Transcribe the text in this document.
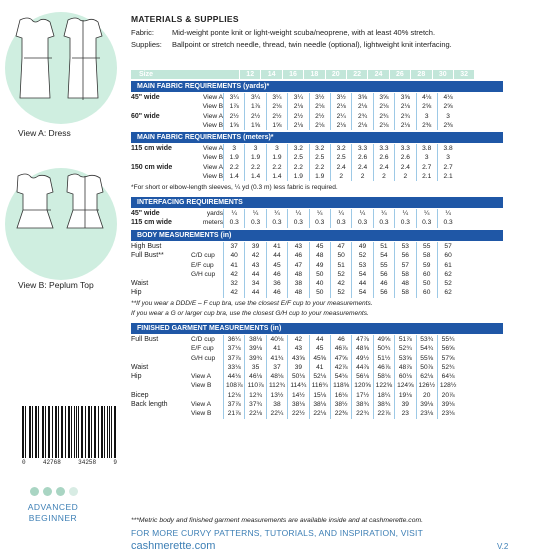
View A: Dress
View B: Peplum Top
0	42768	34258	9
ADVANCED
BEGINNER
MATERIALS & SUPPLIES
Fabric: Mid-weight ponte knit or light-weight scuba/neoprene, with at least 40% stretch.
Supplies: Ballpoint or stretch needle, thread, twin needle (optional), lightweight knit interfacing.
Size	12	14	16	18	20	22	24	26	28	30	32
MAIN FABRIC REQUIREMENTS (yards)*
45" wide	View A	3¼	3¼	3¼	3¼	3½	3½	3⅝	3⅝	3⅝	4⅛	4⅛
	View B	1⅞	1⅞	2⅛	2⅛	2⅛	2⅛	2⅛	2⅛	2⅛	2⅝	2⅝
60" wide	View A	2½	2½	2½	2½	2½	2¼	2¾	2¾	2¾	3	3
	View B	1⅝	1⅝	1⅝	2⅛	2⅛	2⅛	2⅛	2⅛	2⅛	2⅜	2⅜
MAIN FABRIC REQUIREMENTS (meters)*
115 cm wide	View A	3	3	3	3.2	3.2	3.2	3.3	3.3	3.3	3.8	3.8
	View B	1.9	1.9	1.9	2.5	2.5	2.5	2.6	2.6	2.6	3	3
150 cm wide	View A	2.2	2.2	2.2	2.2	2.2	2.4	2.4	2.4	2.4	2.7	2.7
	View B	1.4	1.4	1.4	1.9	1.9	2	2	2	2	2.1	2.1
*For short or elbow-length sleeves, ¼ yd (0.3 m) less fabric is required.
INTERFACING REQUIREMENTS
45" wide	yards	¼	¼	¼	¼	¼	¼	¼	¼	¼	¼	¼
115 cm wide	meters	0.3	0.3	0.3	0.3	0.3	0.3	0.3	0.3	0.3	0.3	0.3
BODY MEASUREMENTS (in)
High Bust		37	39	41	43	45	47	49	51	53	55	57
Full Bust**	C/D cup	40	42	44	46	48	50	52	54	56	58	60
	E/F cup	41	43	45	47	49	51	53	55	57	59	61
	G/H cup	42	44	46	48	50	52	54	56	58	60	62
Waist		32	34	36	38	40	42	44	46	48	50	52
Hip		42	44	46	48	50	52	54	56	58	60	62
**If you wear a DDD/E – F cup bra, use the closest E/F cup to your measurements.
If you wear a G or larger cup bra, use the closest G/H cup to your measurements.
FINISHED GARMENT MEASUREMENTS (in)
Full Bust	C/D cup	36¼	38⅛	40⅛	42	44	46	47⅞	49⅝	51⅞	53¾	55¾
	E/F cup	37⅛	39⅛	41	43	45	46⅞	48⅝	50¾	52¾	54¾	56⅝
	G/H cup	37⅞	39¾	41¾	43⅝	45⅝	47⅝	49½	51½	53⅝	55⅝	57⅝
Waist		33⅛	35	37	39	41	42⅞	44⅞	46⅞	48⅞	50⅞	52¾
Hip	View A	44⅛	46⅛	48⅛	50⅛	52⅛	54⅛	56⅛	58⅛	60⅛	62⅛	64⅛
	View B	108⅞	110⅞	112¾	114¾	116¾	118⅝	120⅝	122⅝	124⅝	126½	128½
Bicep		12⅛	12¾	13½	14½	15⅛	16⅛	17½	18¼	19⅛	20	20⅞
Back length	View A	37⅞	37¾	38	38⅛	38⅛	38½	38¾	38¾	39	39⅛	39⅛
	View B	21⅞	22⅛	22¼	22½	22⅛	22⅜	22¾	22⅞	23	23⅛	23⅛
***Metric body and finished garment measurements are available inside and at cashmerette.com.
FOR MORE CURVY PATTERNS, TUTORIALS, AND INSPIRATION, VISIT
cashmerette.com	V.2
